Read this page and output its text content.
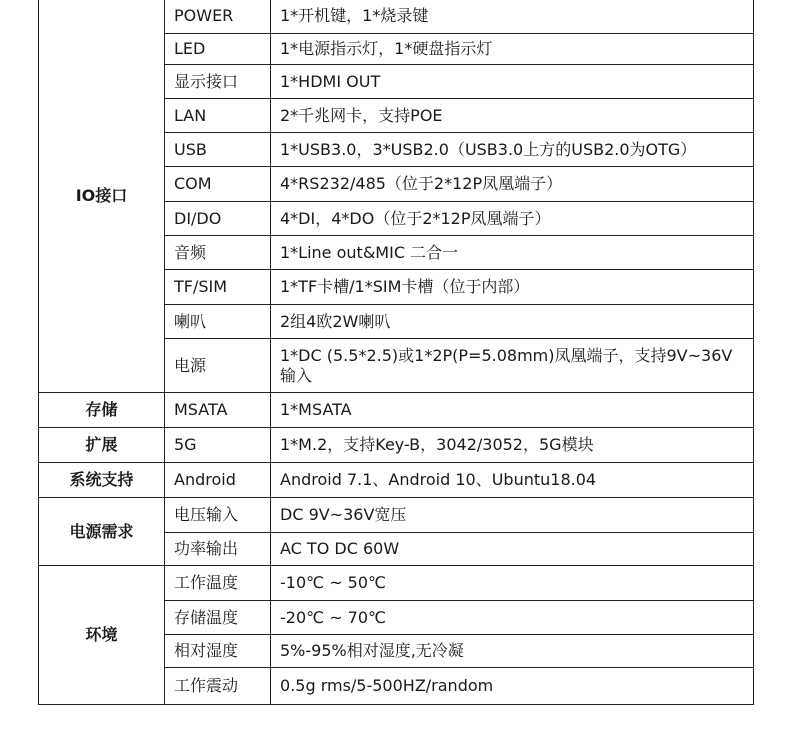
IO接口	POWER	1*开机键，1*烧录键
	LED	1*电源指示灯，1*硬盘指示灯
	显示接口	1*HDMI OUT
	LAN	2*千兆网卡，支持POE
	USB	1*USB3.0，3*USB2.0（USB3.0上方的USB2.0为OTG）
	COM	4*RS232/485（位于2*12P凤凰端子）
	DI/DO	4*DI，4*DO（位于2*12P凤凰端子）
	音频	1*Line out&MIC 二合一
	TF/SIM	1*TF卡槽/1*SIM卡槽（位于内部）
	喇叭	2组4欧2W喇叭
	电源	1*DC (5.5*2.5)或1*2P(P=5.08mm)凤凰端子，支持9V~36V输入
存储	MSATA	1*MSATA
扩展	5G	1*M.2，支持Key-B，3042/3052，5G模块
系统支持	Android	Android 7.1、Android 10、Ubuntu18.04
电源需求	电压输入	DC 9V~36V宽压
	功率输出	AC TO DC 60W
环境	工作温度	-10℃ ~ 50℃
	存储温度	-20℃ ~ 70℃
	相对湿度	5%-95%相对湿度,无冷凝
	工作震动	0.5g rms/5-500HZ/random
